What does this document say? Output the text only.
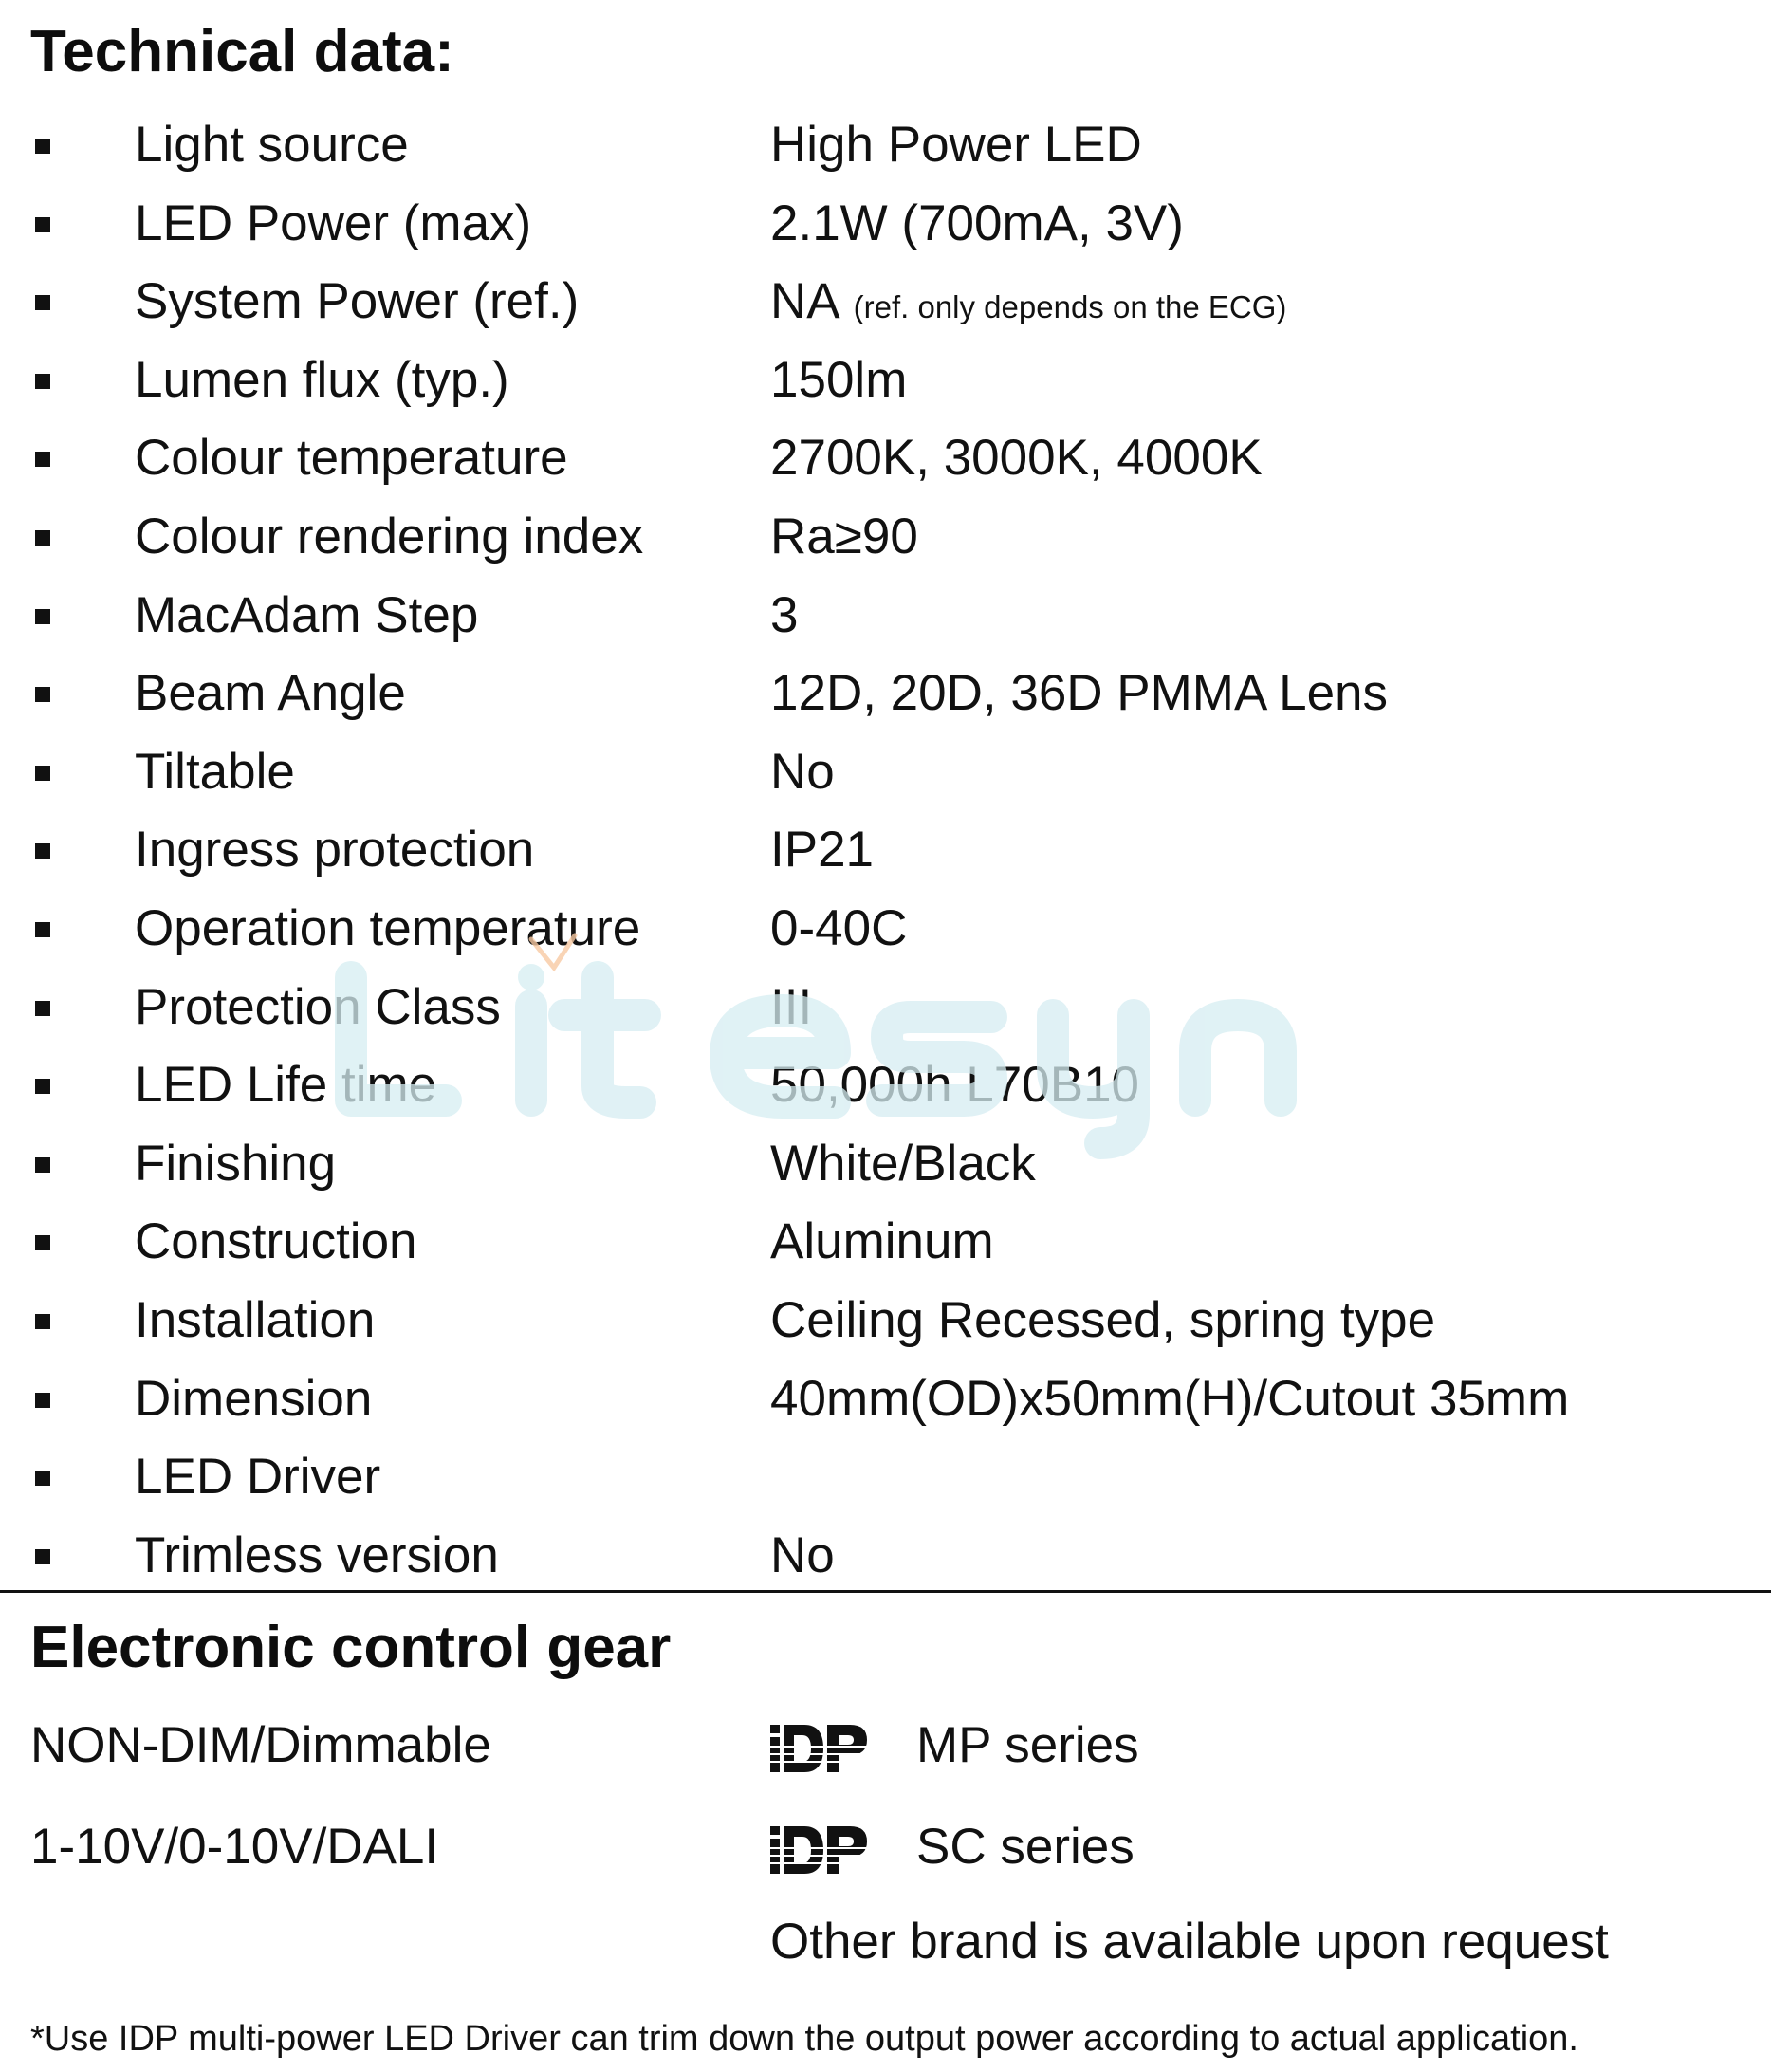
Technical data:
Light source	High Power LED
LED Power (max)	2.1W (700mA, 3V)
System Power (ref.)	NA (ref. only depends on the ECG)
Lumen flux (typ.)	150lm
Colour temperature	2700K, 3000K, 4000K
Colour rendering index	Ra≥90
MacAdam Step	3
Beam Angle	12D, 20D, 36D PMMA Lens
Tiltable	No
Ingress protection	IP21
Operation temperature	0-40C
Protection Class	III
LED Life time	50,000h L70B10
Finishing	White/Black
Construction	Aluminum
Installation	Ceiling Recessed, spring type
Dimension	40mm(OD)x50mm(H)/Cutout 35mm
LED Driver
Trimless version	No
Electronic control gear
NON-DIM/Dimmable	MP series
1-10V/0-10V/DALI	SC series
Other brand is available upon request
*Use IDP multi-power LED Driver can trim down the output power according to actual application.
